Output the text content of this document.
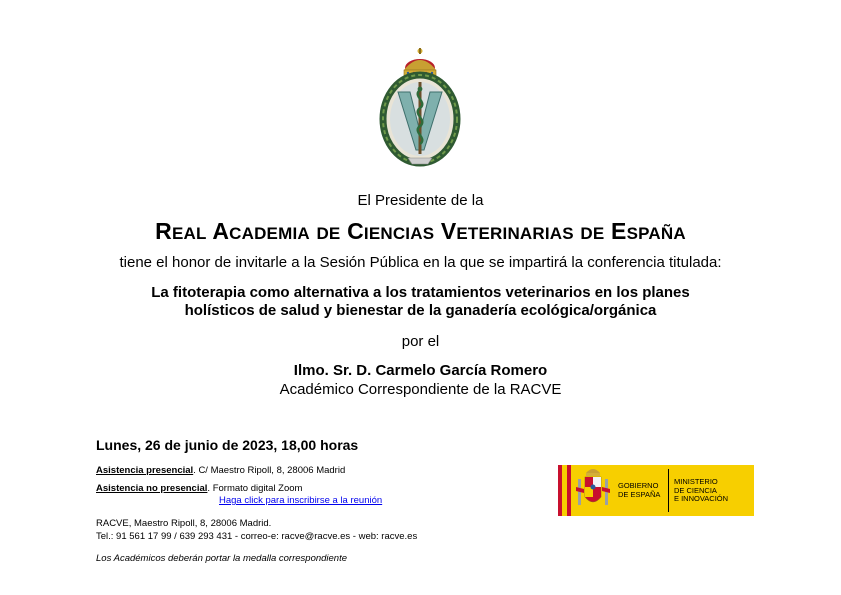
El Presidente de la
REAL ACADEMIA DE CIENCIAS VETERINARIAS DE ESPAÑA
tiene el honor de invitarle a la Sesión Pública en la que se impartirá la conferencia titulada:
La fitoterapia como alternativa a los tratamientos veterinarios en los planes
holísticos de salud y bienestar de la ganadería ecológica/orgánica
por el
Ilmo. Sr. D. Carmelo García Romero
Académico Correspondiente de la RACVE
Lunes, 26 de junio de 2023, 18,00 horas
Asistencia presencial. C/ Maestro Ripoll, 8, 28006 Madrid
Asistencia no presencial. Formato digital Zoom
Haga click para inscribirse a la reunión
RACVE, Maestro Ripoll, 8, 28006 Madrid.
Tel.: 91 561 17 99 / 639 293 431 - correo-e: racve@racve.es - web: racve.es
Los Académicos deberán portar la medalla correspondiente
GOBIERNO
DE ESPAÑA
MINISTERIO
DE CIENCIA
E INNOVACIÓN
